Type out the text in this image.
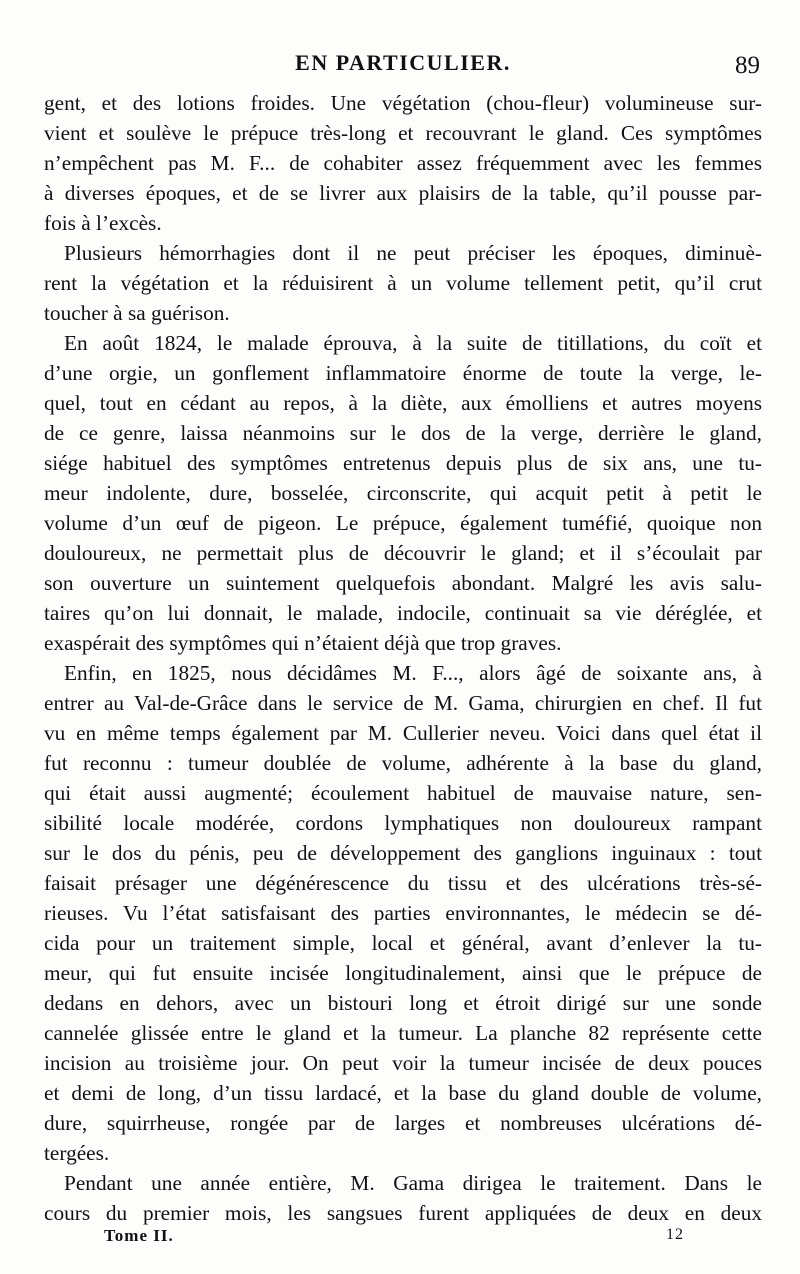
EN PARTICULIER.	89
gent, et des lotions froides. Une végétation (chou-fleur) volumineuse sur-
vient et soulève le prépuce très-long et recouvrant le gland. Ces symptômes
n’empêchent pas M. F... de cohabiter assez fréquemment avec les femmes
à diverses époques, et de se livrer aux plaisirs de la table, qu’il pousse par-
fois à l’excès.
Plusieurs hémorrhagies dont il ne peut préciser les époques, diminuè-
rent la végétation et la réduisirent à un volume tellement petit, qu’il crut
toucher à sa guérison.
En août 1824, le malade éprouva, à la suite de titillations, du coït et
d’une orgie, un gonflement inflammatoire énorme de toute la verge, le-
quel, tout en cédant au repos, à la diète, aux émolliens et autres moyens
de ce genre, laissa néanmoins sur le dos de la verge, derrière le gland,
siége habituel des symptômes entretenus depuis plus de six ans, une tu-
meur indolente, dure, bosselée, circonscrite, qui acquit petit à petit le
volume d’un œuf de pigeon. Le prépuce, également tuméfié, quoique non
douloureux, ne permettait plus de découvrir le gland; et il s’écoulait par
son ouverture un suintement quelquefois abondant. Malgré les avis salu-
taires qu’on lui donnait, le malade, indocile, continuait sa vie déréglée, et
exaspérait des symptômes qui n’étaient déjà que trop graves.
Enfin, en 1825, nous décidâmes M. F..., alors âgé de soixante ans, à
entrer au Val-de-Grâce dans le service de M. Gama, chirurgien en chef. Il fut
vu en même temps également par M. Cullerier neveu. Voici dans quel état il
fut reconnu : tumeur doublée de volume, adhérente à la base du gland,
qui était aussi augmenté; écoulement habituel de mauvaise nature, sen-
sibilité locale modérée, cordons lymphatiques non douloureux rampant
sur le dos du pénis, peu de développement des ganglions inguinaux : tout
faisait présager une dégénérescence du tissu et des ulcérations très-sé-
rieuses. Vu l’état satisfaisant des parties environnantes, le médecin se dé-
cida pour un traitement simple, local et général, avant d’enlever la tu-
meur, qui fut ensuite incisée longitudinalement, ainsi que le prépuce de
dedans en dehors, avec un bistouri long et étroit dirigé sur une sonde
cannelée glissée entre le gland et la tumeur. La planche 82 représente cette
incision au troisième jour. On peut voir la tumeur incisée de deux pouces
et demi de long, d’un tissu lardacé, et la base du gland double de volume,
dure, squirrheuse, rongée par de larges et nombreuses ulcérations dé-
tergées.
Pendant une année entière, M. Gama dirigea le traitement. Dans le
cours du premier mois, les sangsues furent appliquées de deux en deux
Tome II.	12
